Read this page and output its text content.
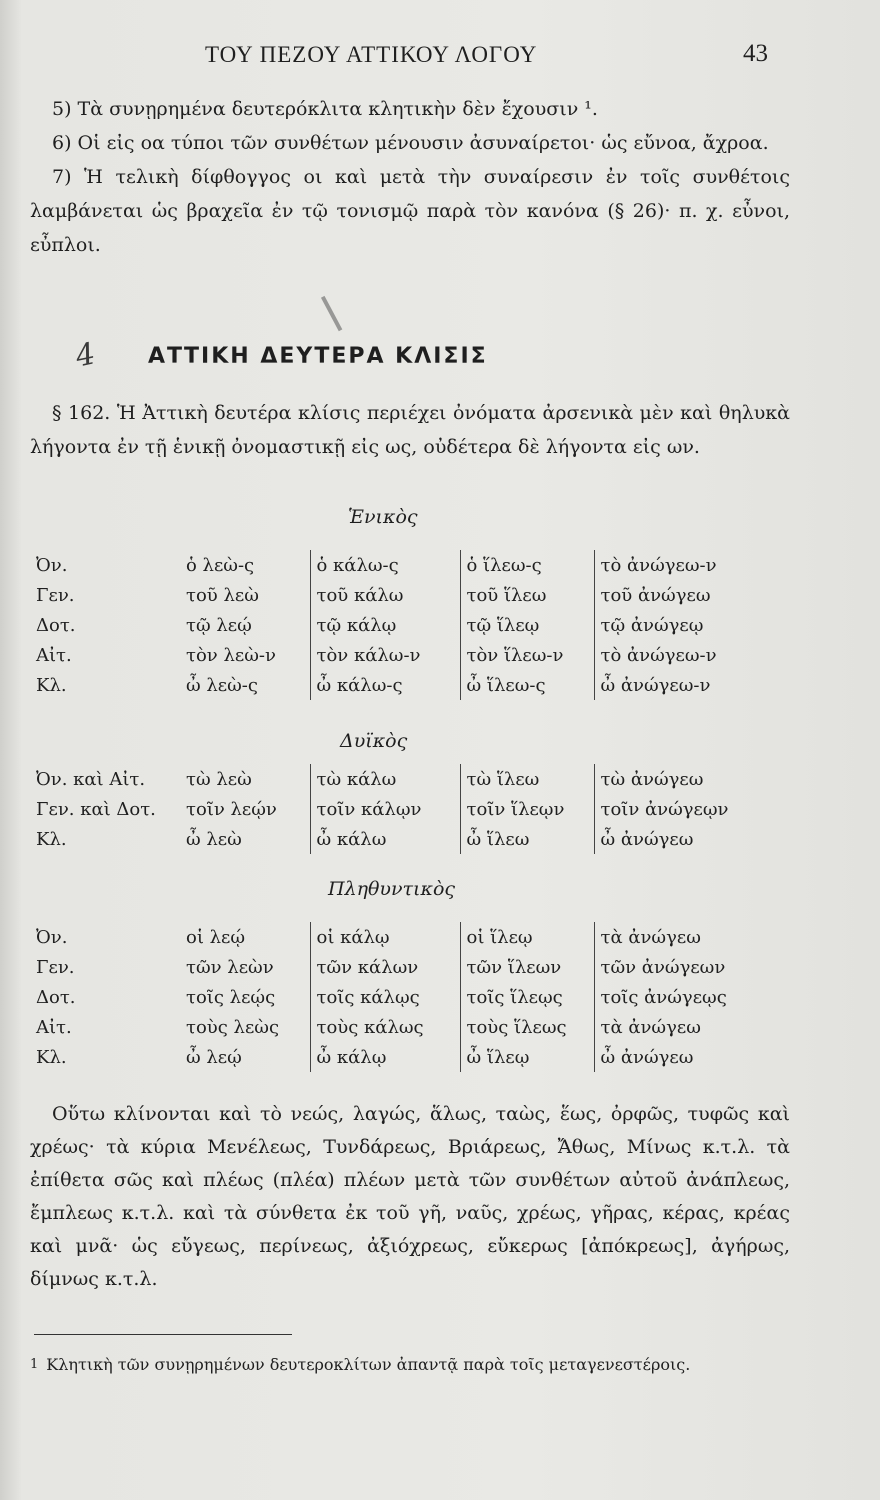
ΤΟΥ ΠΕΖΟΥ ΑΤΤΙΚΟΥ ΛΟΓΟΥ	43

5) Τὰ συνῃρημένα δευτερόκλιτα κλητικὴν δὲν ἔχουσιν ¹.

6) Οἱ εἰς οα τύποι τῶν συνθέτων μένουσιν ἀσυναίρετοι· ὡς εὔνοα, ἄχροα.

7) Ἡ τελικὴ δίφθογγος οι καὶ μετὰ τὴν συναίρεσιν ἐν τοῖς συνθέτοις λαμβάνεται ὡς βραχεῖα ἐν τῷ τονισμῷ παρὰ τὸν κανόνα (§ 26)· π. χ. εὖνοι, εὖπλοι.

4 ΑΤΤΙΚΗ ΔΕΥΤΕΡΑ ΚΛΙΣΙΣ

§ 162. Ἡ Ἀττικὴ δευτέρα κλίσις περιέχει ὀνόματα ἀρσενικὰ μὲν καὶ θηλυκὰ λήγοντα ἐν τῇ ἑνικῇ ὀνομαστικῇ εἰς ως, οὐδέτερα δὲ λήγοντα εἰς ων.

Ἑνικὸς
Ὀν.	ὁ λεὼ-ς	ὁ κάλω-ς	ὁ ἵλεω-ς	τὸ ἀνώγεω-ν
Γεν.	τοῦ λεὼ	τοῦ κάλω	τοῦ ἵλεω	τοῦ ἀνώγεω
Δοτ.	τῷ λεῴ	τῷ κάλῳ	τῷ ἵλεῳ	τῷ ἀνώγεῳ
Αἰτ.	τὸν λεὼ-ν	τὸν κάλω-ν	τὸν ἵλεω-ν	τὸ ἀνώγεω-ν
Κλ.	ὦ λεὼ-ς	ὦ κάλω-ς	ὦ ἵλεω-ς	ὦ ἀνώγεω-ν
Δυϊκὸς
Ὀν. καὶ Αἰτ.	τὼ λεὼ	τὼ κάλω	τὼ ἵλεω	τὼ ἀνώγεω
Γεν. καὶ Δοτ.	τοῖν λεῴν	τοῖν κάλῳν	τοῖν ἵλεῳν	τοῖν ἀνώγεῳν
Κλ.	ὦ λεὼ	ὦ κάλω	ὦ ἵλεω	ὦ ἀνώγεω
Πληθυντικὸς
Ὀν.	οἱ λεῴ	οἱ κάλῳ	οἱ ἵλεῳ	τὰ ἀνώγεω
Γεν.	τῶν λεὼν	τῶν κάλων	τῶν ἵλεων	τῶν ἀνώγεων
Δοτ.	τοῖς λεῴς	τοῖς κάλῳς	τοῖς ἵλεῳς	τοῖς ἀνώγεῳς
Αἰτ.	τοὺς λεὼς	τοὺς κάλως	τοὺς ἵλεως	τὰ ἀνώγεω
Κλ.	ὦ λεῴ	ὦ κάλῳ	ὦ ἵλεῳ	ὦ ἀνώγεω

Οὕτω κλίνονται καὶ τὸ νεώς, λαγώς, ἅλως, ταὼς, ἕως, ὀρφῶς, τυφῶς καὶ χρέως· τὰ κύρια Μενέλεως, Τυνδάρεως, Βριάρεως, Ἄθως, Μίνως κ.τ.λ. τὰ ἐπίθετα σῶς καὶ πλέως (πλέα) πλέων μετὰ τῶν συνθέτων αὐτοῦ ἀνάπλεως, ἔμπλεως κ.τ.λ. καὶ τὰ σύνθετα ἐκ τοῦ γῆ, ναῦς, χρέως, γῆρας, κέρας, κρέας καὶ μνᾶ· ὡς εὔγεως, περίνεως, ἀξιόχρεως, εὔκερως [ἀπόκρεως], ἀγήρως, δίμνως κ.τ.λ.

$^1$ Κλητικὴ τῶν συνῃρημένων δευτεροκλίτων ἀπαντᾷ παρὰ τοῖς μεταγενεστέροις.
